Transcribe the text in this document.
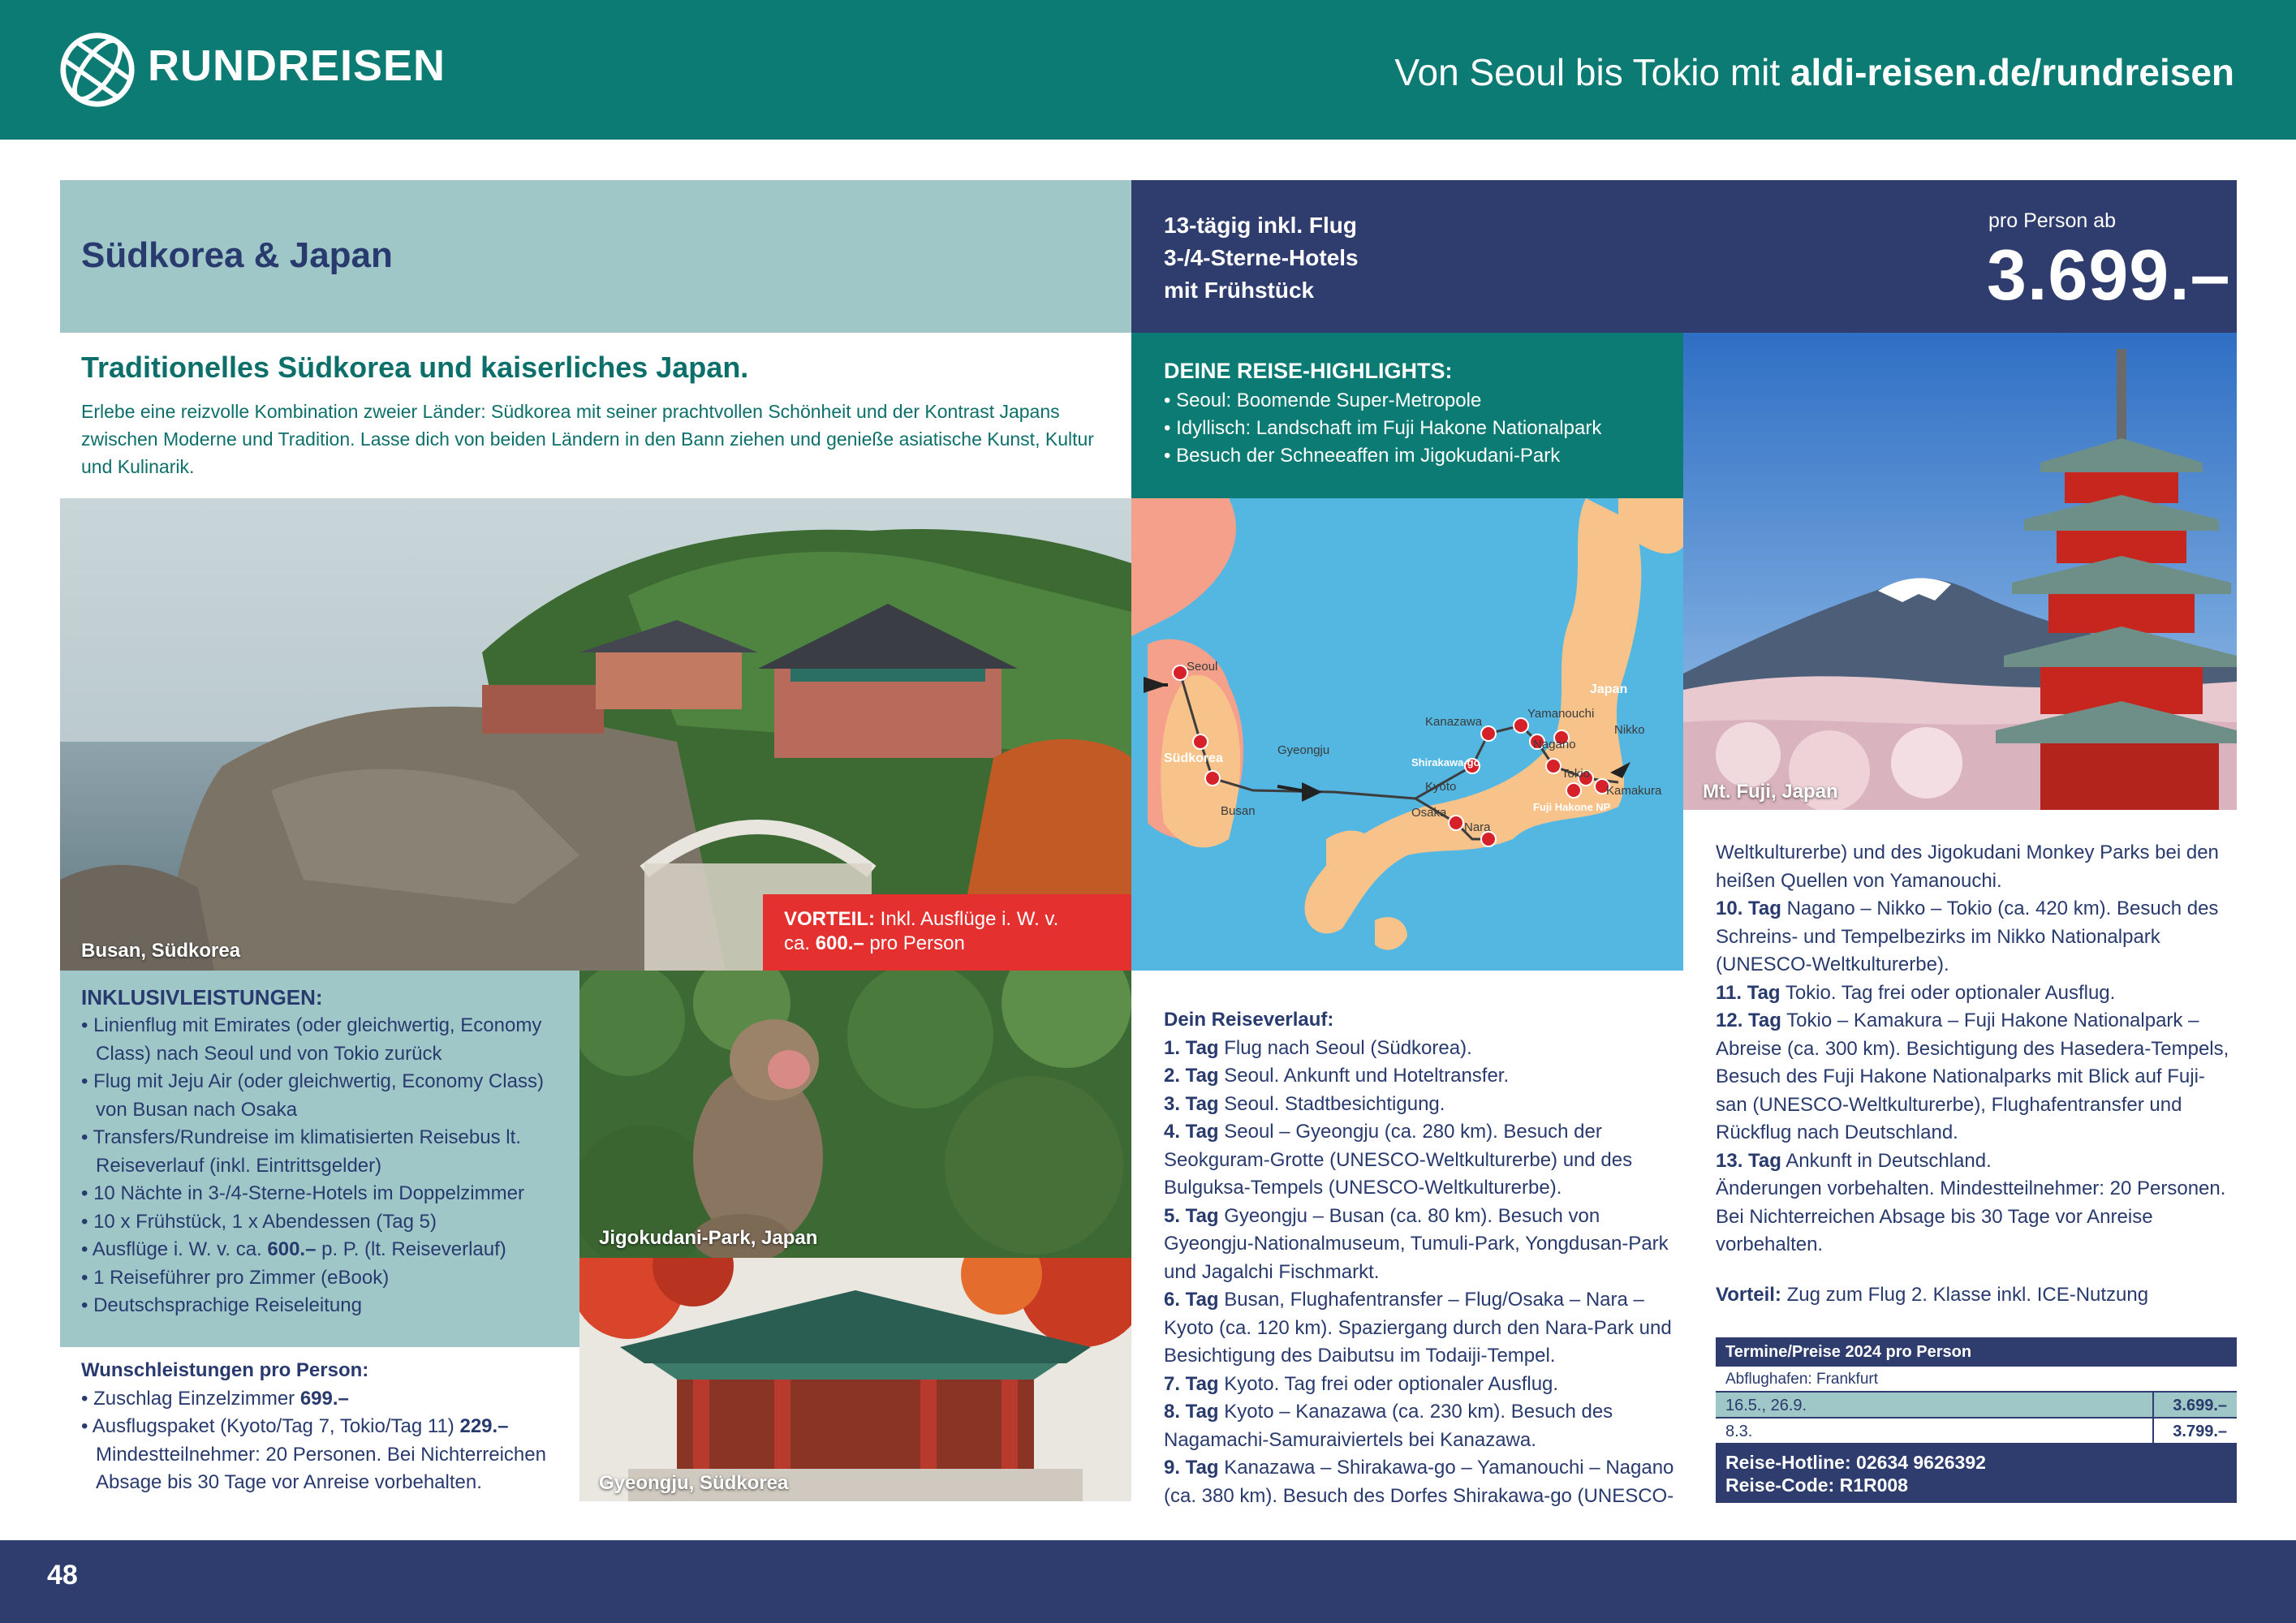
RUNDREISEN	Von Seoul bis Tokio mit aldi-reisen.de/rundreisen
Südkorea & Japan
13-tägig inkl. Flug
3-/4-Sterne-Hotels
mit Frühstück
pro Person ab
3.699.–
Traditionelles Südkorea und kaiserliches Japan.
Erlebe eine reizvolle Kombination zweier Länder: Südkorea mit seiner prachtvollen Schönheit und der Kontrast Japans zwischen Moderne und Tradition. Lasse dich von beiden Ländern in den Bann ziehen und genieße asiatische Kunst, Kultur und Kulinarik.
DEINE REISE-HIGHLIGHTS:
• Seoul: Boomende Super-Metropole
• Idyllisch: Landschaft im Fuji Hakone Nationalpark
• Besuch der Schneeaffen im Jigokudani-Park
Busan, Südkorea
VORTEIL: Inkl. Ausflüge i. W. v.
ca. 600.– pro Person
Seoul
Gyeongju
Busan
Kanazawa
Kyoto
Osaka
Nara
Yamanouchi
Nagano
Nikko
Tokio
Kamakura
Südkorea
Japan
Shirakawa-go
Fuji Hakone NP
Mt. Fuji, Japan
INKLUSIVLEISTUNGEN:
• Linienflug mit Emirates (oder gleichwertig, Economy Class) nach Seoul und von Tokio zurück
• Flug mit Jeju Air (oder gleichwertig, Economy Class) von Busan nach Osaka
• Transfers/Rundreise im klimatisierten Reisebus lt. Reiseverlauf (inkl. Eintrittsgelder)
• 10 Nächte in 3-/4-Sterne-Hotels im Doppelzimmer
• 10 x Frühstück, 1 x Abendessen (Tag 5)
• Ausflüge i. W. v. ca. 600.– p. P. (lt. Reiseverlauf)
• 1 Reiseführer pro Zimmer (eBook)
• Deutschsprachige Reiseleitung
Wunschleistungen pro Person:
• Zuschlag Einzelzimmer 699.–
• Ausflugspaket (Kyoto/Tag 7, Tokio/Tag 11) 229.–
Mindestteilnehmer: 20 Personen. Bei Nichterreichen Absage bis 30 Tage vor Anreise vorbehalten.
Jigokudani-Park, Japan
Gyeongju, Südkorea

Dein Reiseverlauf:

1. Tag Flug nach Seoul (Südkorea).

2. Tag Seoul. Ankunft und Hoteltransfer.

3. Tag Seoul. Stadtbesichtigung.

4. Tag Seoul – Gyeongju (ca. 280 km). Besuch der Seokguram-Grotte (UNESCO-Weltkulturerbe) und des Bulguksa-Tempels (UNESCO-Weltkulturerbe).

5. Tag Gyeongju – Busan (ca. 80 km). Besuch von Gyeongju-Nationalmuseum, Tumuli-Park, Yongdusan-Park und Jagalchi Fischmarkt.

6. Tag Busan, Flughafentransfer – Flug/Osaka – Nara – Kyoto (ca. 120 km). Spaziergang durch den Nara-Park und Besichtigung des Daibutsu im Todaiji-Tempel.

7. Tag Kyoto. Tag frei oder optionaler Ausflug.

8. Tag Kyoto – Kanazawa (ca. 230 km). Besuch des Nagamachi-Samuraiviertels bei Kanazawa.

9. Tag Kanazawa – Shirakawa-go – Yamanouchi – Nagano (ca. 380 km). Besuch des Dorfes Shirakawa-go (UNESCO-

Weltkulturerbe) und des Jigokudani Monkey Parks bei den heißen Quellen von Yamanouchi.

10. Tag Nagano – Nikko – Tokio (ca. 420 km). Besuch des Schreins- und Tempelbezirks im Nikko Nationalpark (UNESCO-Weltkulturerbe).

11. Tag Tokio. Tag frei oder optionaler Ausflug.

12. Tag Tokio – Kamakura – Fuji Hakone Nationalpark – Abreise (ca. 300 km). Besichtigung des Hasedera-Tempels, Besuch des Fuji Hakone Nationalparks mit Blick auf Fuji-san (UNESCO-Weltkulturerbe), Flughafentransfer und Rückflug nach Deutschland.

13. Tag Ankunft in Deutschland.

Änderungen vorbehalten. Mindestteilnehmer: 20 Personen. Bei Nichterreichen Absage bis 30 Tage vor Anreise vorbehalten.

Vorteil: Zug zum Flug 2. Klasse inkl. ICE-Nutzung
Termine/Preise 2024 pro Person
Abflughafen: Frankfurt
16.5., 26.9.	3.699.–
8.3.	3.799.–
Reise-Hotline: 02634 9626392
Reise-Code: R1R008
48
